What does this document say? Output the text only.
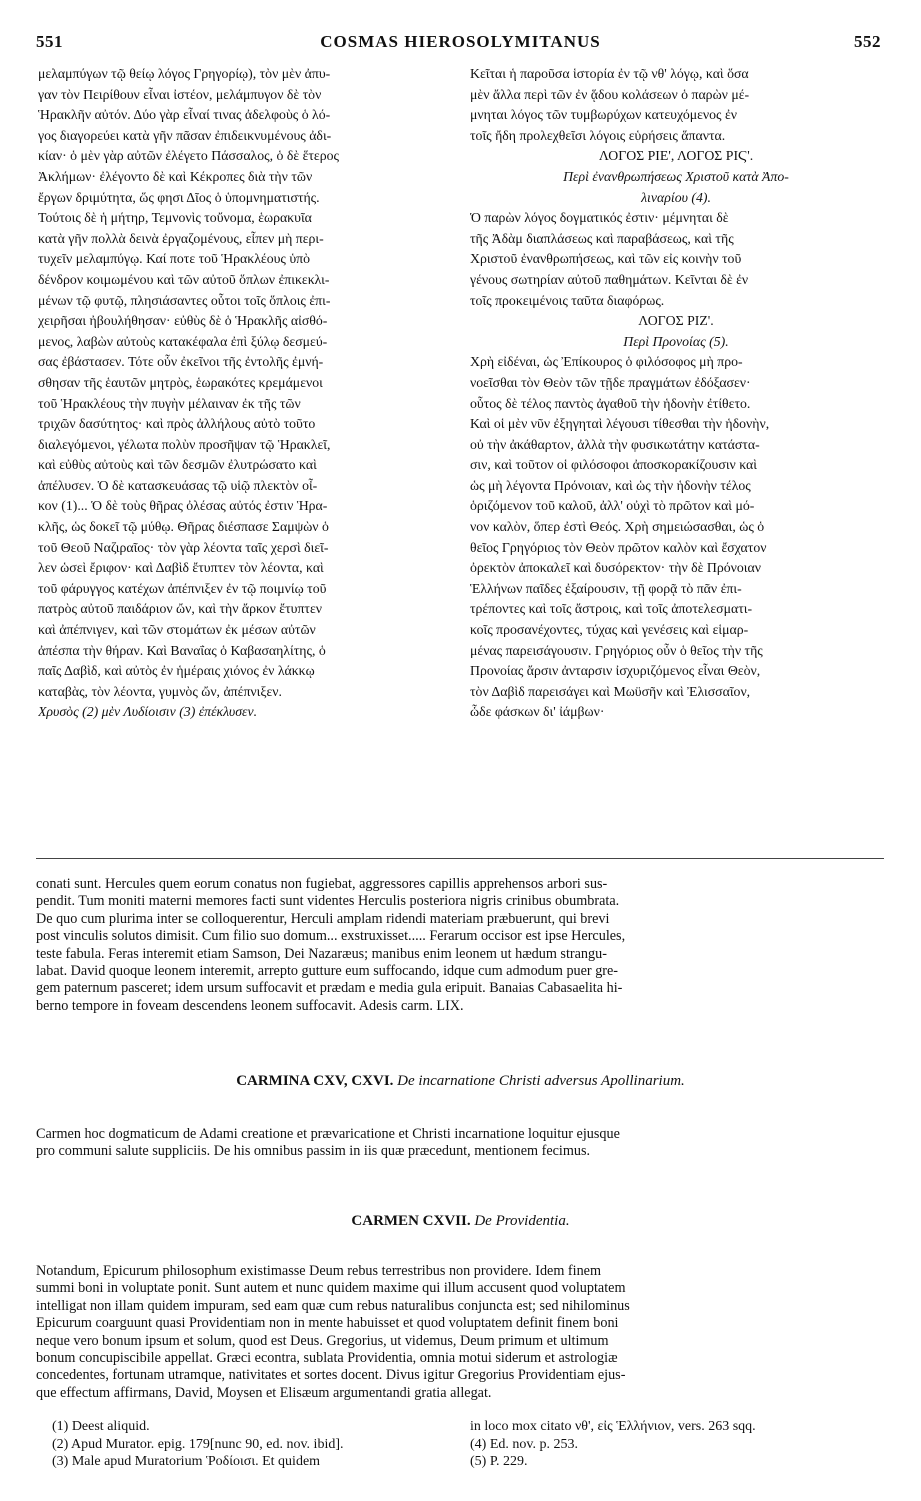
551	COSMAS HIEROSOLYMITANUS	552
μελαμπύγων τῷ θείῳ λόγος Γρηγορίῳ), τὸν μὲν ἀπυ-
γαν τὸν Πειρίθουν εἶναι ἰστέον, μελάμπυγον δὲ τὸν
Ἡρακλῆν αὐτόν. Δύο γὰρ εἶναί τινας ἀδελφοὺς ὁ λό-
γος διαγορεύει κατὰ γῆν πᾶσαν ἐπιδεικνυμένους ἀδι-
κίαν· ὁ μὲν γὰρ αὐτῶν ἐλέγετο Πάσσαλος, ὁ δὲ ἕτερος
Ἀκλήμων· ἐλέγοντο δὲ καὶ Κέκροπες διὰ τὴν τῶν
ἔργων δριμύτητα, ὥς φησι Δῖος ὁ ὑπομνηματιστής.
Τούτοις δὲ ἡ μήτηρ, Τεμνονὶς τοὔνομα, ἑωρακυῖα
κατὰ γῆν πολλὰ δεινὰ ἐργαζομένους, εἶπεν μὴ περι-
τυχεῖν μελαμπύγῳ. Καί ποτε τοῦ Ἡρακλέους ὑπὸ
δένδρον κοιμωμένου καὶ τῶν αὐτοῦ ὅπλων ἐπικεκλι-
μένων τῷ φυτῷ, πλησιάσαντες οὗτοι τοῖς ὅπλοις ἐπι-
χειρῆσαι ἠβουλήθησαν· εὐθὺς δὲ ὁ Ἡρακλῆς αἰσθό-
μενος, λαβὼν αὐτοὺς κατακέφαλα ἐπὶ ξύλῳ δεσμεύ-
σας ἐβάστασεν. Τότε οὖν ἐκεῖνοι τῆς ἐντολῆς ἐμνή-
σθησαν τῆς ἑαυτῶν μητρὸς, ἑωρακότες κρεμάμενοι
τοῦ Ἡρακλέους τὴν πυγὴν μέλαιναν ἐκ τῆς τῶν
τριχῶν δασύτητος· καὶ πρὸς ἀλλήλους αὐτὸ τοῦτο
διαλεγόμενοι, γέλωτα πολὺν προσῆψαν τῷ Ἡρακλεῖ,
καὶ εὐθὺς αὐτοὺς καὶ τῶν δεσμῶν ἐλυτρώσατο καὶ
ἀπέλυσεν. Ὁ δὲ κατασκευάσας τῷ υἱῷ πλεκτὸν οἶ-
κον (1)... Ὁ δὲ τοὺς θῆρας ὀλέσας αὐτός ἐστιν Ἡρα-
κλῆς, ὡς δοκεῖ τῷ μύθῳ. Θῆρας διέσπασε Σαμψὼν ὁ
τοῦ Θεοῦ Ναζιραῖος· τὸν γὰρ λέοντα ταῖς χερσὶ διεῖ-
λεν ὡσεὶ ἔριφον· καὶ Δαβὶδ ἔτυπτεν τὸν λέοντα, καὶ
τοῦ φάρυγγος κατέχων ἀπέπνιξεν ἐν τῷ ποιμνίῳ τοῦ
πατρὸς αὐτοῦ παιδάριον ὤν, καὶ τὴν ἄρκον ἔτυπτεν
καὶ ἀπέπνιγεν, καὶ τῶν στομάτων ἐκ μέσων αὐτῶν
ἀπέσπα τὴν θήραν. Καὶ Βαναΐας ὁ Καβασαηλίτης, ὁ
παῖς Δαβὶδ, καὶ αὐτὸς ἐν ἡμέραις χιόνος ἐν λάκκῳ
καταβὰς, τὸν λέοντα, γυμνὸς ὤν, ἀπέπνιξεν.
Χρυσὸς (2) μὲν Λυδίοισιν (3) ἐπέκλυσεν.
Κεῖται ἡ παροῦσα ἱστορία ἐν τῷ νθ' λόγῳ, καὶ ὅσα
μὲν ἄλλα περὶ τῶν ἐν ᾅδου κολάσεων ὁ παρὼν μέ-
μνηται λόγος τῶν τυμβωρύχων κατευχόμενος ἐν
τοῖς ἤδη προλεχθεῖσι λόγοις εὑρήσεις ἅπαντα.
ΛΟΓΟΣ ΡΙΕ', ΛΟΓΟΣ ΡΙϚ'.
Περὶ ἐνανθρωπήσεως Χριστοῦ κατὰ Ἀπο-
λιναρίου (4).
Ὁ παρὼν λόγος δογματικός ἐστιν· μέμνηται δὲ
τῆς Ἀδὰμ διαπλάσεως καὶ παραβάσεως, καὶ τῆς
Χριστοῦ ἐνανθρωπήσεως, καὶ τῶν εἰς κοινὴν τοῦ
γένους σωτηρίαν αὐτοῦ παθημάτων. Κεῖνται δὲ ἐν
τοῖς προκειμένοις ταῦτα διαφόρως.
ΛΟΓΟΣ ΡΙΖ'.
Περὶ Προνοίας (5).
Χρὴ εἰδέναι, ὡς Ἐπίκουρος ὁ φιλόσοφος μὴ προ-
νοεῖσθαι τὸν Θεὸν τῶν τῇδε πραγμάτων ἐδόξασεν·
οὗτος δὲ τέλος παντὸς ἀγαθοῦ τὴν ἡδονὴν ἐτίθετο.
Καὶ οἱ μὲν νῦν ἐξηγηταὶ λέγουσι τίθεσθαι τὴν ἡδονὴν,
οὐ τὴν ἀκάθαρτον, ἀλλὰ τὴν φυσικωτάτην κατάστα-
σιν, καὶ τοῦτον οἱ φιλόσοφοι ἀποσκορακίζουσιν καὶ
ὡς μὴ λέγοντα Πρόνοιαν, καὶ ὡς τὴν ἡδονὴν τέλος
ὁριζόμενον τοῦ καλοῦ, ἀλλ' οὐχὶ τὸ πρῶτον καὶ μό-
νον καλὸν, ὅπερ ἐστὶ Θεός. Χρὴ σημειώσασθαι, ὡς ὁ
θεῖος Γρηγόριος τὸν Θεὸν πρῶτον καλὸν καὶ ἔσχατον
ὀρεκτὸν ἀποκαλεῖ καὶ δυσόρεκτον· τὴν δὲ Πρόνοιαν
Ἑλλήνων παῖδες ἐξαίρουσιν, τῇ φορᾷ τὸ πᾶν ἐπι-
τρέποντες καὶ τοῖς ἄστροις, καὶ τοῖς ἀποτελεσματι-
κοῖς προσανέχοντες, τύχας καὶ γενέσεις καὶ εἱμαρ-
μένας παρεισάγουσιν. Γρηγόριος οὖν ὁ θεῖος τὴν τῆς
Προνοίας ἄρσιν ἀνταρσιν ἰσχυριζόμενος εἶναι Θεὸν,
τὸν Δαβὶδ παρεισάγει καὶ Μωϋσῆν καὶ Ἐλισσαῖον,
ὧδε φάσκων δι' ἰάμβων·
conati sunt. Hercules quem eorum conatus non fugiebat, aggressores capillis apprehensos arbori sus-
pendit. Tum moniti materni memores facti sunt videntes Herculis posteriora nigris crinibus obumbrata.
De quo cum plurima inter se colloquerentur, Herculi amplam ridendi materiam præbuerunt, qui brevi
post vinculis solutos dimisit. Cum filio suo domum... exstruxisset..... Ferarum occisor est ipse Hercules,
teste fabula. Feras interemit etiam Samson, Dei Nazaræus; manibus enim leonem ut hædum strangu-
labat. David quoque leonem interemit, arrepto gutture eum suffocando, idque cum admodum puer gre-
gem paternum pasceret; idem ursum suffocavit et prædam e media gula eripuit. Banaias Cabasaelita hi-
berno tempore in foveam descendens leonem suffocavit. Adesis carm. LIX.
CARMINA CXV, CXVI. De incarnatione Christi adversus Apollinarium.
Carmen hoc dogmaticum de Adami creatione et prævaricatione et Christi incarnatione loquitur ejusque
pro communi salute suppliciis. De his omnibus passim in iis quæ præcedunt, mentionem fecimus.
CARMEN CXVII. De Providentia.
Notandum, Epicurum philosophum existimasse Deum rebus terrestribus non providere. Idem finem
summi boni in voluptate ponit. Sunt autem et nunc quidem maxime qui illum accusent quod voluptatem
intelligat non illam quidem impuram, sed eam quæ cum rebus naturalibus conjuncta est; sed nihilominus
Epicurum coarguunt quasi Providentiam non in mente habuisset et quod voluptatem definit finem boni
neque vero bonum ipsum et solum, quod est Deus. Gregorius, ut videmus, Deum primum et ultimum
bonum concupiscibile appellat. Græci econtra, sublata Providentia, omnia motui siderum et astrologiæ
concedentes, fortunam utramque, nativitates et sortes docent. Divus igitur Gregorius Providentiam ejus-
que effectum affirmans, David, Moysen et Elisæum argumentandi gratia allegat.
(1) Deest aliquid.
(2) Apud Murator. epig. 179[nunc 90, ed. nov. ibid].
(3) Male apud Muratorium Ῥοδίοισι. Et quidem
in loco mox citato νθ', εἰς Ἑλλήνιον, vers. 263 sqq.
(4) Ed. nov. p. 253.
(5) P. 229.
